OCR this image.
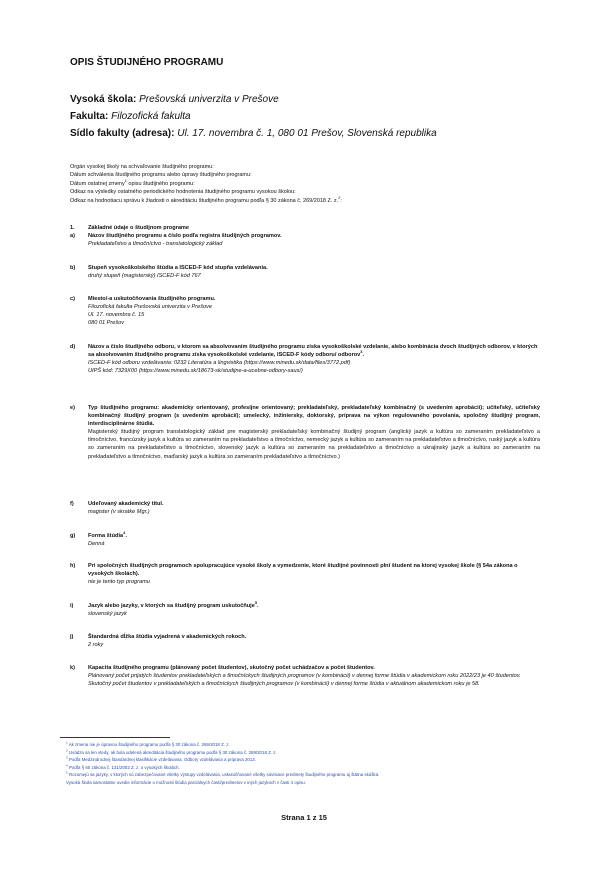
OPIS ŠTUDIJNÉHO PROGRAMU
Vysoká škola: Prešovská univerzita v Prešove
Fakulta: Filozofická fakulta
Sídlo fakulty (adresa): Ul. 17. novembra č. 1, 080 01 Prešov, Slovenská republika
Orgán vysokej školy na schvaľovanie študijného programu:
Dátum schválenia študijného programu alebo úpravy študijného programu:
Dátum ostatnej zmeny$^1$ opisu študijného programu:
Odkaz na výsledky ostatného periodického hodnotenia študijného programu vysokou školou:
Odkaz na hodnotiacu správu k žiadosti o akreditáciu študijného programu podľa § 30 zákona č. 269/2018 Z. z.$^2$:
1. Základné údaje o študijnom programe
a) Názov študijného programu a číslo podľa registra študijných programov.
Prekladateľstvo a tlmočníctvo - translatologický základ
b) Stupeň vysokoškolského štúdia a ISCED-F kód stupňa vzdelávania.
druhý stupeň (magisterský) ISCED-F kód 767
c) Miesto/-a uskutočňovania študijného programu.
Filozofická fakulta Prešovská univerzita v Prešove
Ul. 17. novembra č. 15
080 01 Prešov
d) Názov a číslo študijného odboru, v ktorom sa absolvovaním študijného programu získa vysokoškolské vzdelanie, alebo kombinácia dvoch študijných odborov, v ktorých sa absolvovaním študijného programu získa vysokoškolské vzdelanie, ISCED-F kódy odboru/ odborov$^3$.
ISCED-F kód odboru vzdelávania: 0232 Literatúra a lingvistika (https://www.minedu.sk/data/files/3772.pdf)
UIPŠ kód: 7329X00 (https://www.minedu.sk/18673-sk/studijne-a-ucebne-odbory-saus/)
e) Typ študijného programu: akademicky orientovaný, profesijne orientovaný; prekladateľský, prekladateľský kombinačný (s uvedením aprobácií); učiteľský, učiteľský kombinačný študijný program (s uvedením aprobácií); umelecký, inžiniersky, doktorský, príprava na výkon regulovaného povolania, spoločný študijný program, interdisciplinárne štúdiá.
Magisterský študijný program translatologický základ pre magisterský prekladateľský kombinačný študijný program (anglický jazyk a kultúra so zameraním prekladateľstvo a tlmočníctvo, francúzsky jazyk a kultúra so zameraním na prekladateľstvo a tlmočníctvo, nemecký jazyk a kultúra so zameraním na prekladateľstvo a tlmočníctvo, ruský jazyk a kultúra so zameraním na prekladateľstvo a tlmočníctvo, slovenský jazyk a kultúra so zameraním na prekladateľstvo a tlmočníctvo a ukrajinský jazyk a kultúra so zameraním na prekladateľstvo a tlmočníctvo, maďarský jazyk a kultúra so zameraním prekladateľstvo a tlmočníctvo.)
f)	Udeľovaný akademický titul.
magister (v skratke Mgr.)
g) Forma štúdia$^4$.
Denná
h) Pri spoločných študijných programoch spolupracujúce vysoké školy a vymedzenie, ktoré študijné povinnosti plní študent na ktorej vysokej škole (§ 54a zákona o vysokých školách).
nie je tento typ programu
i)	Jazyk alebo jazyky, v ktorých sa študijný program uskutočňuje$^5$.
slovenský jazyk
j)	Štandardná dĺžka štúdia vyjadrená v akademických rokoch.
2 roky
k) Kapacita študijného programu (plánovaný počet študentov), skutočný počet uchádzačov a počet študentov.
Plánovaný počet prijatých študentov prekladateľských a tlmočníckych študijných programov (v kombinácii) v dennej forme štúdia v akademickom roku 2022/23 je 40 študentov.
Skutočný počet študentov v prekladateľských a tlmočníckych študijných programov (v kombinácii) v dennej forme štúdia v aktuálnom akademickom roku je 58.
$^1$ Ak zmena nie je úpravou študijného programu podľa § 30 zákona č. 269/2018 Z. z.
$^2$ Uvádza sa len vtedy, ak bola udelená akreditácia študijného programu podľa § 30 zákona č. 269/2018 Z. z.
$^3$ Podľa Medzinárodnej štandardnej klasifikácie vzdelávania. Odbory vzdelávania a príprava 2013.
$^4$ Podľa § 60 zákona č. 131/2002 Z. z. o vysokých školách.
$^5$ Rozumejú sa jazyky, v ktorých sú zabezpečované všetky výstupy vzdelávania, uskutočňované všetky súvisiace predmety študijného programu aj štátna skúška.
Vysoká škola samostatne uvedie informácie o možnosti štúdia parciálnych častí/predmetov v iných jazykoch v časti 4 opisu.
Strana 1 z 15
